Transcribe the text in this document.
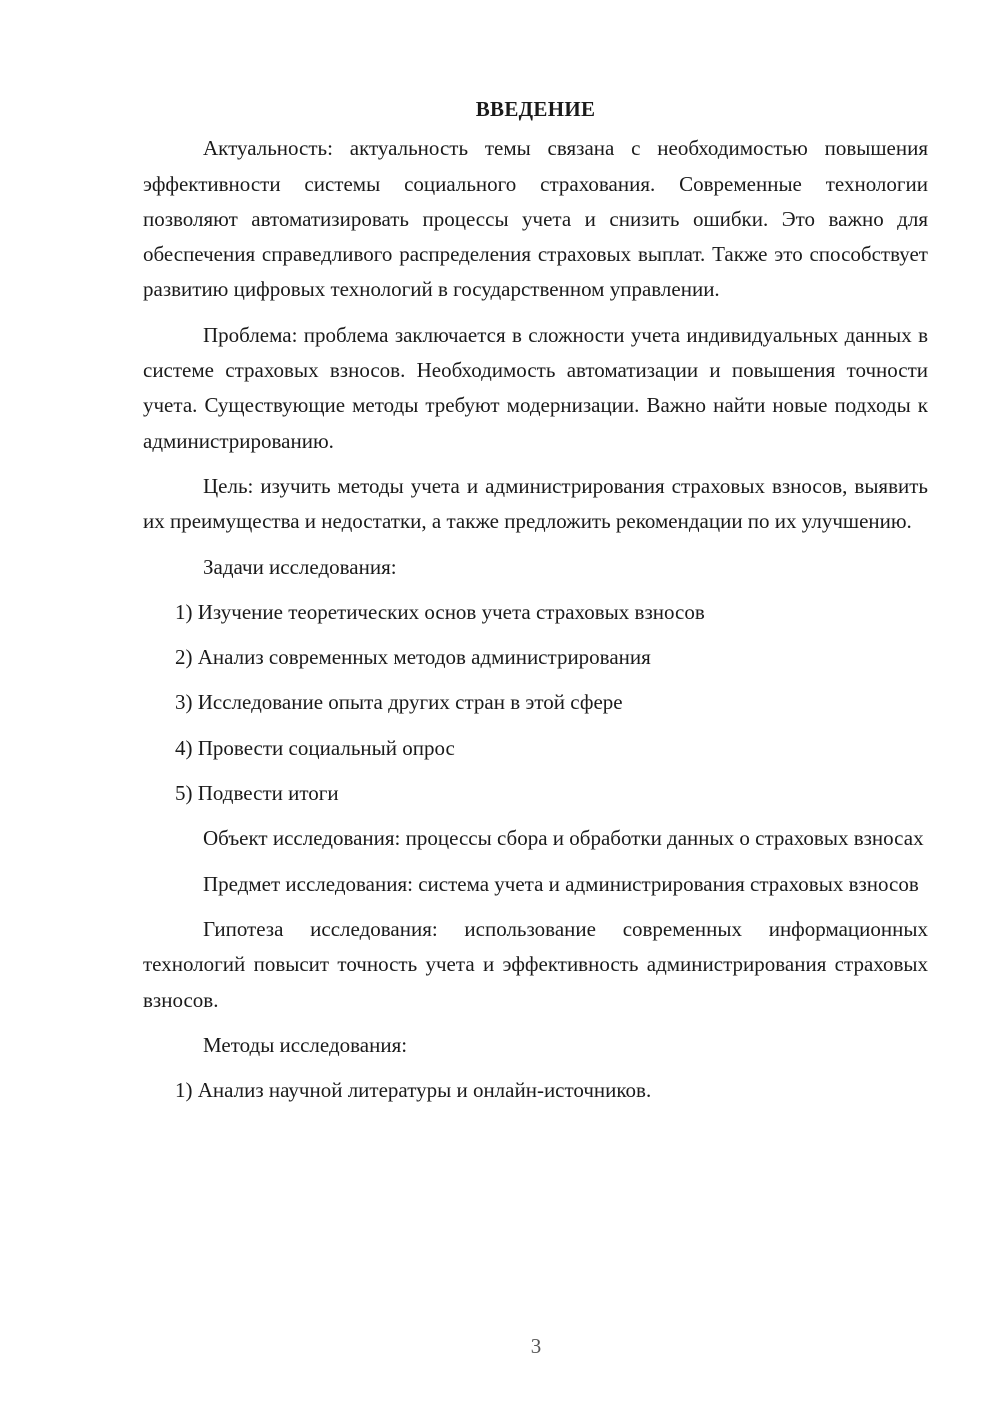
ВВЕДЕНИЕ

Актуальность: актуальность темы связана с необходимостью повышения эффективности системы социального страхования. Современные технологии позволяют автоматизировать процессы учета и снизить ошибки. Это важно для обеспечения справедливого распределения страховых выплат. Также это способствует развитию цифровых технологий в государственном управлении.

Проблема: проблема заключается в сложности учета индивидуальных данных в системе страховых взносов. Необходимость автоматизации и повышения точности учета. Существующие методы требуют модернизации. Важно найти новые подходы к администрированию.

Цель: изучить методы учета и администрирования страховых взносов, выявить их преимущества и недостатки, а также предложить рекомендации по их улучшению.

Задачи исследования:

1) Изучение теоретических основ учета страховых взносов
2) Анализ современных методов администрирования
3) Исследование опыта других стран в этой сфере
4) Провести социальный опрос
5) Подвести итоги

Объект исследования: процессы сбора и обработки данных о страховых взносах

Предмет исследования: система учета и администрирования страховых взносов

Гипотеза исследования: использование современных информационных технологий повысит точность учета и эффективность администрирования страховых взносов.

Методы исследования:

1) Анализ научной литературы и онлайн-источников.
3
